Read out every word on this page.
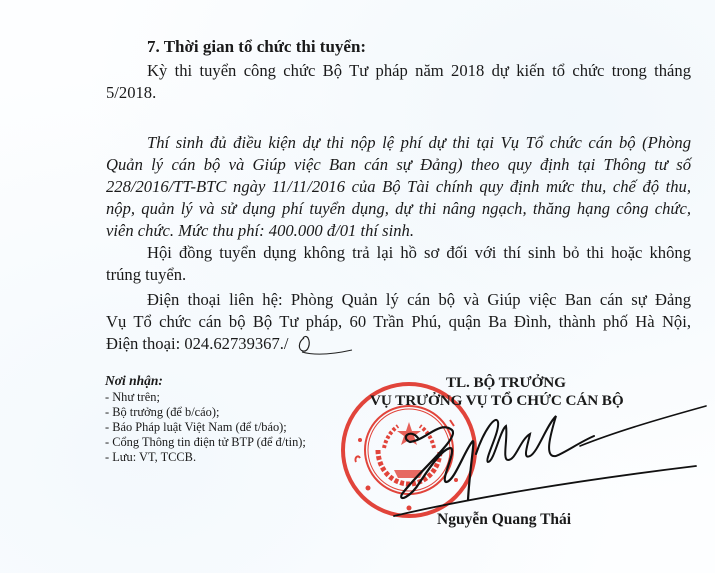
7. Thời gian tổ chức thi tuyển:
Kỳ thi tuyển công chức Bộ Tư pháp năm 2018 dự kiến tổ chức trong tháng
5/2018.
Thí sinh đủ điều kiện dự thi nộp lệ phí dự thi tại Vụ Tổ chức cán bộ (Phòng
Quản lý cán bộ và Giúp việc Ban cán sự Đảng) theo quy định tại Thông tư số
228/2016/TT-BTC ngày 11/11/2016 của Bộ Tài chính quy định mức thu, chế độ thu,
nộp, quản lý và sử dụng phí tuyển dụng, dự thi nâng ngạch, thăng hạng công chức,
viên chức. Mức thu phí: 400.000 đ/01 thí sinh.
Hội đồng tuyển dụng không trả lại hồ sơ đối với thí sinh bỏ thi hoặc không
trúng tuyển.
Điện thoại liên hệ: Phòng Quản lý cán bộ và Giúp việc Ban cán sự Đảng
Vụ Tổ chức cán bộ Bộ Tư pháp, 60 Trần Phú, quận Ba Đình, thành phố Hà Nội,
Điện thoại: 024.62739367./
Nơi nhận:
- Như trên;
- Bộ trưởng (để b/cáo);
- Báo Pháp luật Việt Nam (để t/báo);
- Cổng Thông tin điện tử BTP (để đ/tin);
- Lưu: VT, TCCB.
TL. BỘ TRƯỞNG
VỤ TRƯỞNG VỤ TỔ CHỨC CÁN BỘ
Nguyễn Quang Thái
